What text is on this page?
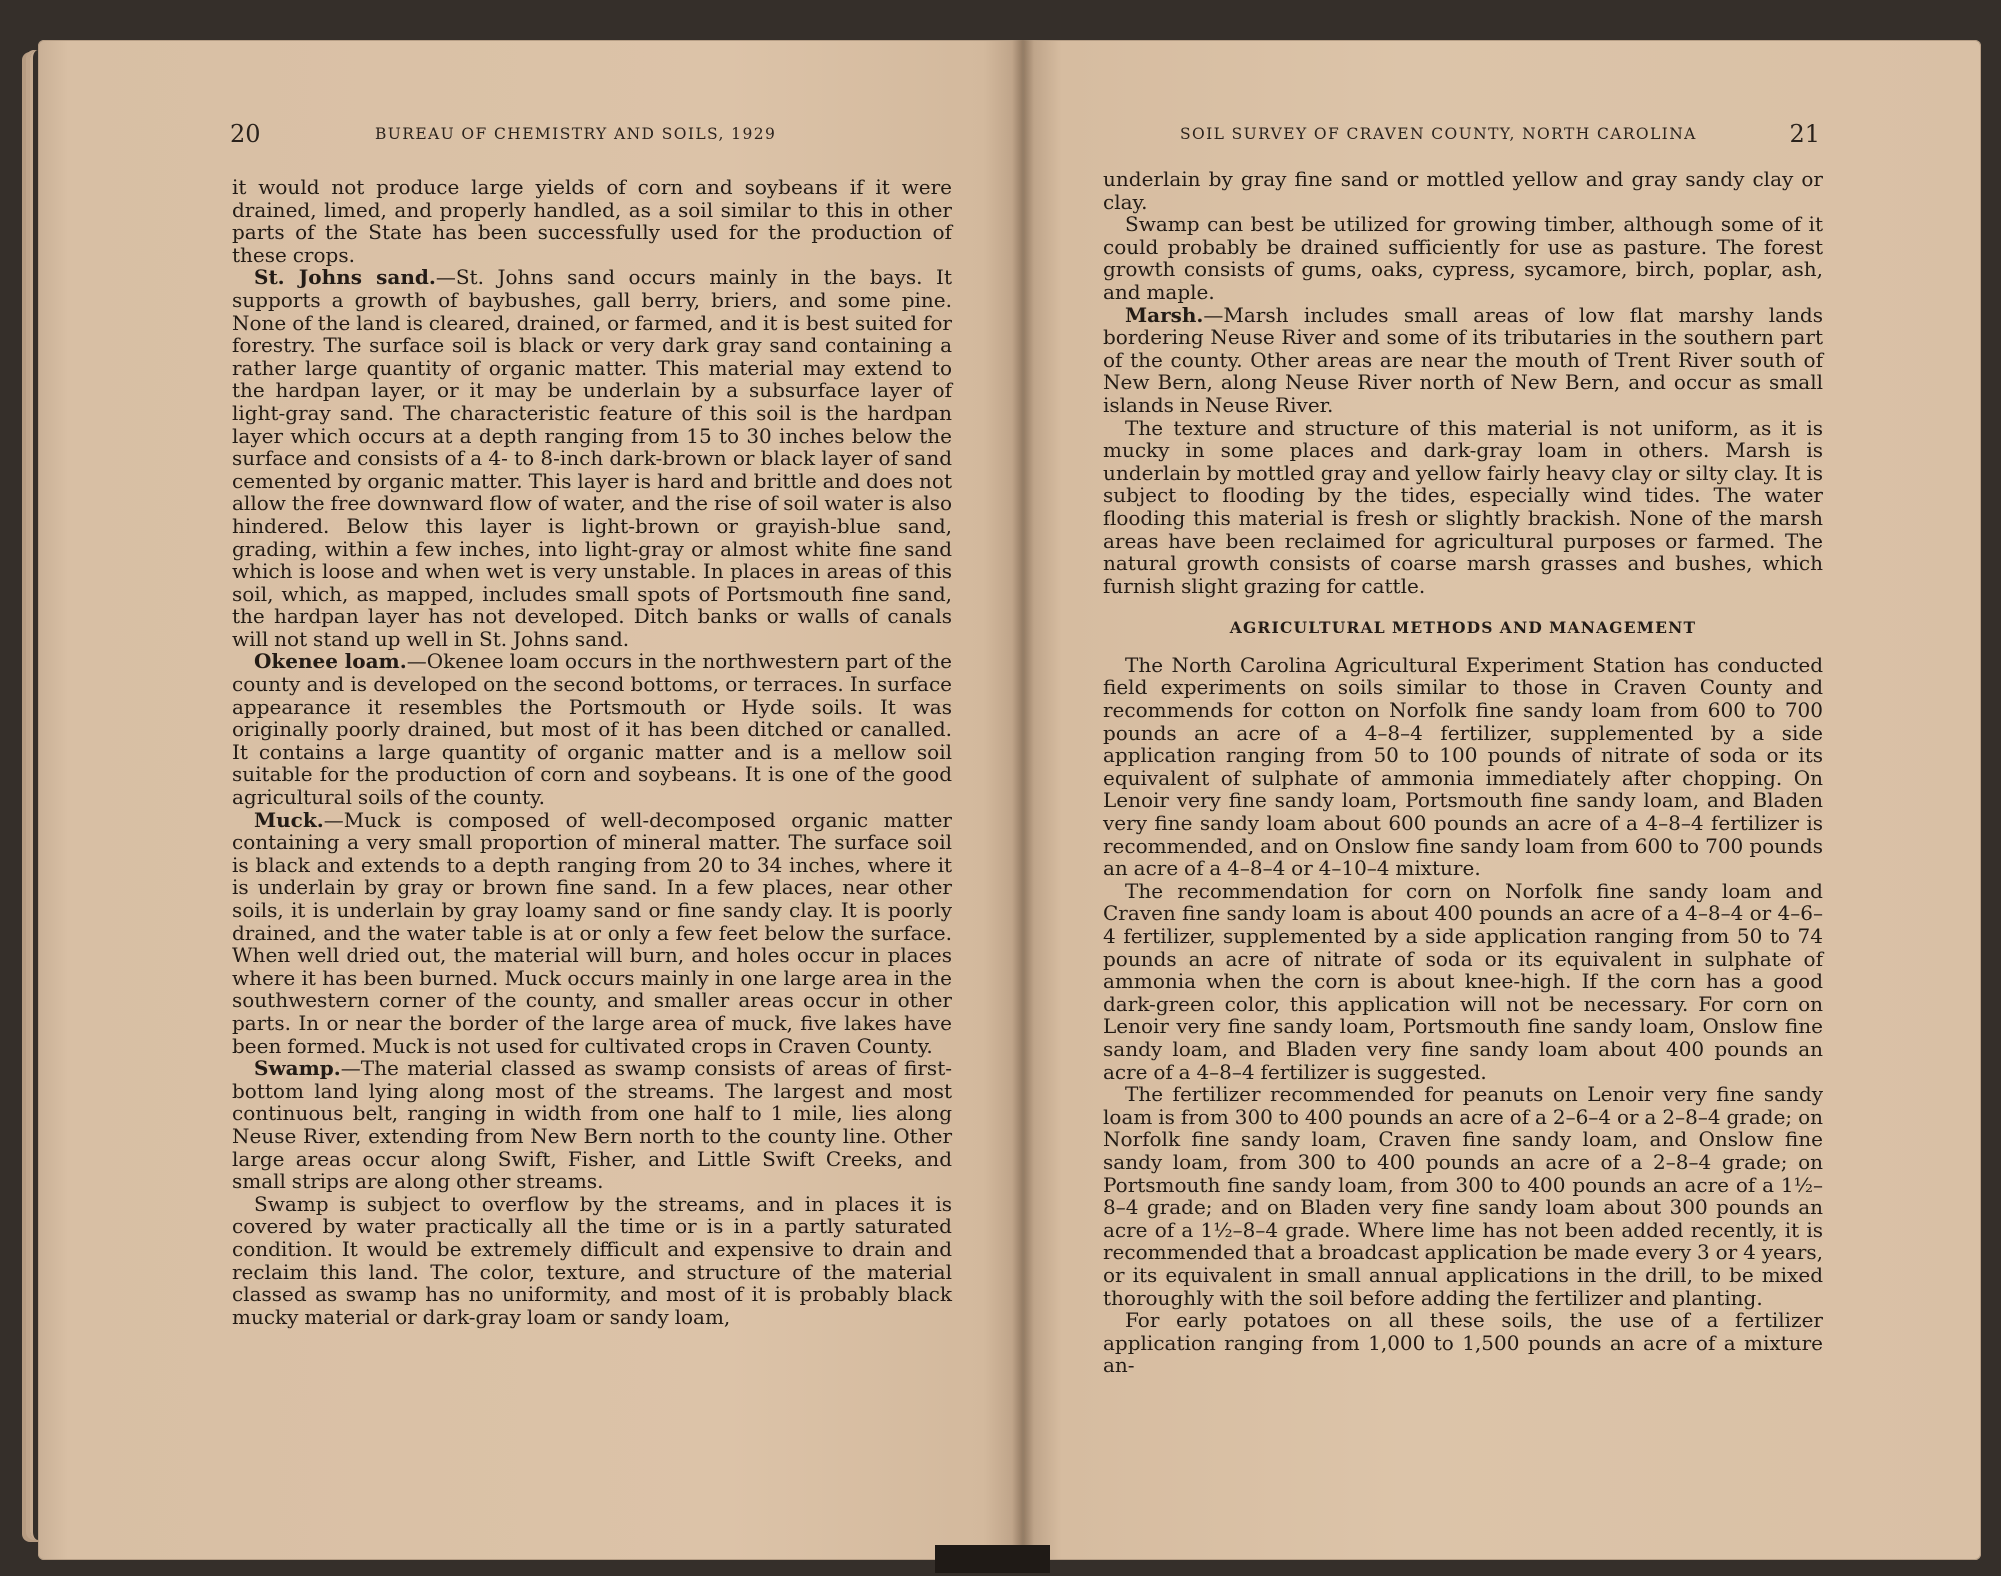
20	BUREAU OF CHEMISTRY AND SOILS, 1929	SOIL SURVEY OF CRAVEN COUNTY, NORTH CAROLINA	21

it would not produce large yields of corn and soybeans if it were drained, limed, and properly handled, as a soil similar to this in other parts of the State has been successfully used for the production of these crops.

St. Johns sand.—St. Johns sand occurs mainly in the bays. It supports a growth of baybushes, gall berry, briers, and some pine. None of the land is cleared, drained, or farmed, and it is best suited for forestry. The surface soil is black or very dark gray sand containing a rather large quantity of organic matter. This material may extend to the hardpan layer, or it may be underlain by a subsurface layer of light-gray sand. The characteristic feature of this soil is the hardpan layer which occurs at a depth ranging from 15 to 30 inches below the surface and consists of a 4- to 8-inch dark-brown or black layer of sand cemented by organic matter. This layer is hard and brittle and does not allow the free downward flow of water, and the rise of soil water is also hindered. Below this layer is light-brown or grayish-blue sand, grading, within a few inches, into light-gray or almost white fine sand which is loose and when wet is very unstable. In places in areas of this soil, which, as mapped, includes small spots of Portsmouth fine sand, the hardpan layer has not developed. Ditch banks or walls of canals will not stand up well in St. Johns sand.

Okenee loam.—Okenee loam occurs in the northwestern part of the county and is developed on the second bottoms, or terraces. In surface appearance it resembles the Portsmouth or Hyde soils. It was originally poorly drained, but most of it has been ditched or canalled. It contains a large quantity of organic matter and is a mellow soil suitable for the production of corn and soybeans. It is one of the good agricultural soils of the county.

Muck.—Muck is composed of well-decomposed organic matter containing a very small proportion of mineral matter. The surface soil is black and extends to a depth ranging from 20 to 34 inches, where it is underlain by gray or brown fine sand. In a few places, near other soils, it is underlain by gray loamy sand or fine sandy clay. It is poorly drained, and the water table is at or only a few feet below the surface. When well dried out, the material will burn, and holes occur in places where it has been burned. Muck occurs mainly in one large area in the southwestern corner of the county, and smaller areas occur in other parts. In or near the border of the large area of muck, five lakes have been formed. Muck is not used for cultivated crops in Craven County.

Swamp.—The material classed as swamp consists of areas of first-bottom land lying along most of the streams. The largest and most continuous belt, ranging in width from one half to 1 mile, lies along Neuse River, extending from New Bern north to the county line. Other large areas occur along Swift, Fisher, and Little Swift Creeks, and small strips are along other streams.

Swamp is subject to overflow by the streams, and in places it is covered by water practically all the time or is in a partly saturated condition. It would be extremely difficult and expensive to drain and reclaim this land. The color, texture, and structure of the material classed as swamp has no uniformity, and most of it is probably black mucky material or dark-gray loam or sandy loam,

underlain by gray fine sand or mottled yellow and gray sandy clay or clay.

Swamp can best be utilized for growing timber, although some of it could probably be drained sufficiently for use as pasture. The forest growth consists of gums, oaks, cypress, sycamore, birch, poplar, ash, and maple.

Marsh.—Marsh includes small areas of low flat marshy lands bordering Neuse River and some of its tributaries in the southern part of the county. Other areas are near the mouth of Trent River south of New Bern, along Neuse River north of New Bern, and occur as small islands in Neuse River.

The texture and structure of this material is not uniform, as it is mucky in some places and dark-gray loam in others. Marsh is underlain by mottled gray and yellow fairly heavy clay or silty clay. It is subject to flooding by the tides, especially wind tides. The water flooding this material is fresh or slightly brackish. None of the marsh areas have been reclaimed for agricultural purposes or farmed. The natural growth consists of coarse marsh grasses and bushes, which furnish slight grazing for cattle.

AGRICULTURAL METHODS AND MANAGEMENT

The North Carolina Agricultural Experiment Station has conducted field experiments on soils similar to those in Craven County and recommends for cotton on Norfolk fine sandy loam from 600 to 700 pounds an acre of a 4–8–4 fertilizer, supplemented by a side application ranging from 50 to 100 pounds of nitrate of soda or its equivalent of sulphate of ammonia immediately after chopping. On Lenoir very fine sandy loam, Portsmouth fine sandy loam, and Bladen very fine sandy loam about 600 pounds an acre of a 4–8–4 fertilizer is recommended, and on Onslow fine sandy loam from 600 to 700 pounds an acre of a 4–8–4 or 4–10–4 mixture.

The recommendation for corn on Norfolk fine sandy loam and Craven fine sandy loam is about 400 pounds an acre of a 4–8–4 or 4–6–4 fertilizer, supplemented by a side application ranging from 50 to 74 pounds an acre of nitrate of soda or its equivalent in sulphate of ammonia when the corn is about knee-high. If the corn has a good dark-green color, this application will not be necessary. For corn on Lenoir very fine sandy loam, Portsmouth fine sandy loam, Onslow fine sandy loam, and Bladen very fine sandy loam about 400 pounds an acre of a 4–8–4 fertilizer is suggested.

The fertilizer recommended for peanuts on Lenoir very fine sandy loam is from 300 to 400 pounds an acre of a 2–6–4 or a 2–8–4 grade; on Norfolk fine sandy loam, Craven fine sandy loam, and Onslow fine sandy loam, from 300 to 400 pounds an acre of a 2–8–4 grade; on Portsmouth fine sandy loam, from 300 to 400 pounds an acre of a 1½–8–4 grade; and on Bladen very fine sandy loam about 300 pounds an acre of a 1½–8–4 grade. Where lime has not been added recently, it is recommended that a broadcast application be made every 3 or 4 years, or its equivalent in small annual applications in the drill, to be mixed thoroughly with the soil before adding the fertilizer and planting.

For early potatoes on all these soils, the use of a fertilizer application ranging from 1,000 to 1,500 pounds an acre of a mixture an-
